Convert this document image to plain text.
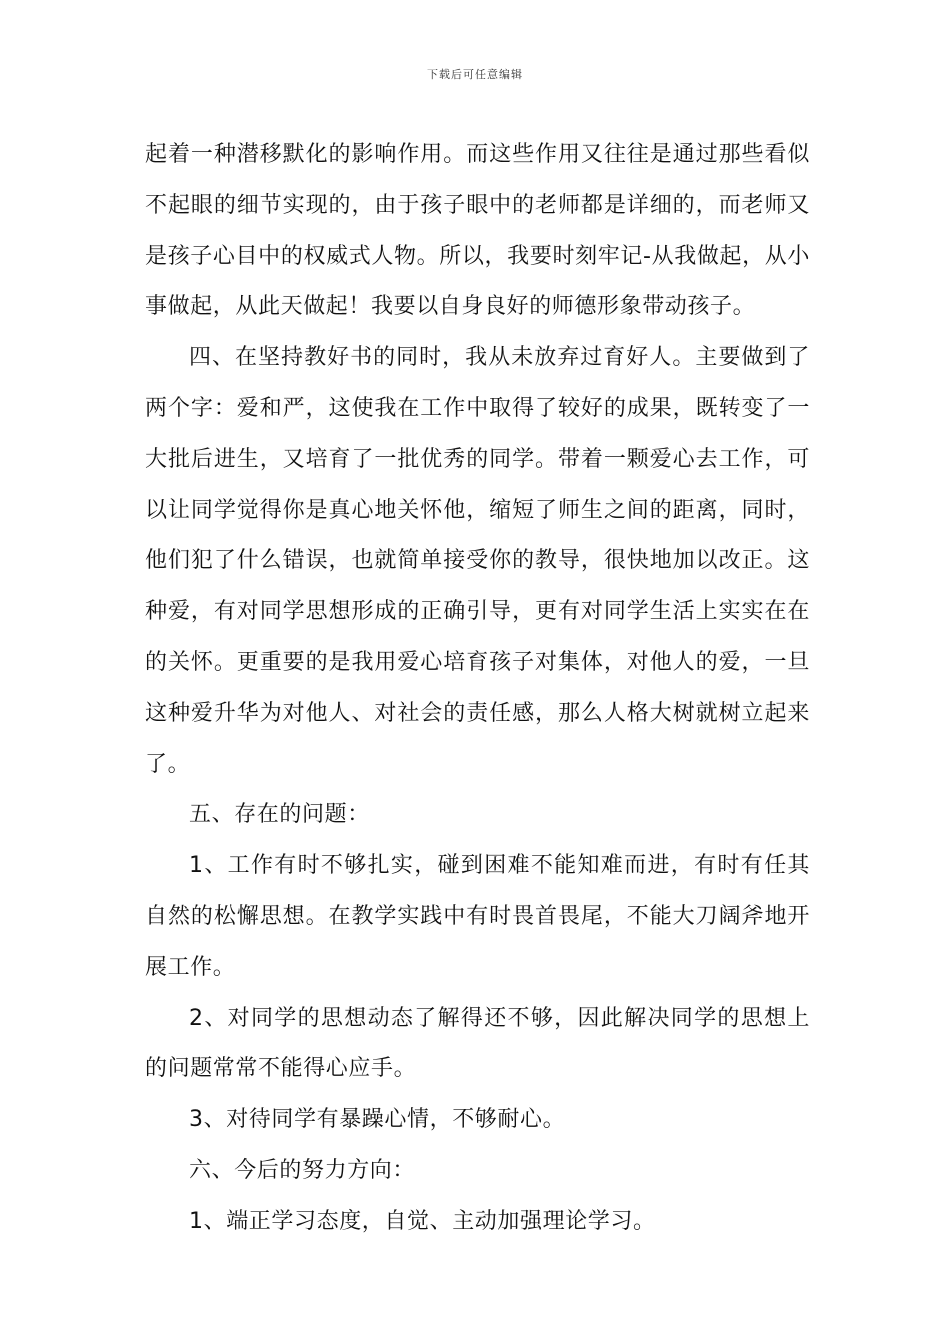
下载后可任意编辑

起着一种潜移默化的影响作用。而这些作用又往往是通过那些看似不起眼的细节实现的，由于孩子眼中的老师都是详细的，而老师又是孩子心目中的权威式人物。所以，我要时刻牢记-从我做起，从小事做起，从此天做起！我要以自身良好的师德形象带动孩子。

四、在坚持教好书的同时，我从未放弃过育好人。主要做到了两个字：爱和严，这使我在工作中取得了较好的成果，既转变了一大批后进生，又培育了一批优秀的同学。带着一颗爱心去工作，可以让同学觉得你是真心地关怀他，缩短了师生之间的距离，同时，他们犯了什么错误，也就简单接受你的教导，很快地加以改正。这种爱，有对同学思想形成的正确引导，更有对同学生活上实实在在的关怀。更重要的是我用爱心培育孩子对集体，对他人的爱，一旦这种爱升华为对他人、对社会的责任感，那么人格大树就树立起来了。

五、存在的问题：

1、工作有时不够扎实，碰到困难不能知难而进，有时有任其自然的松懈思想。在教学实践中有时畏首畏尾，不能大刀阔斧地开展工作。

2、对同学的思想动态了解得还不够，因此解决同学的思想上的问题常常不能得心应手。

3、对待同学有暴躁心情，不够耐心。

六、今后的努力方向：

1、端正学习态度，自觉、主动加强理论学习。
